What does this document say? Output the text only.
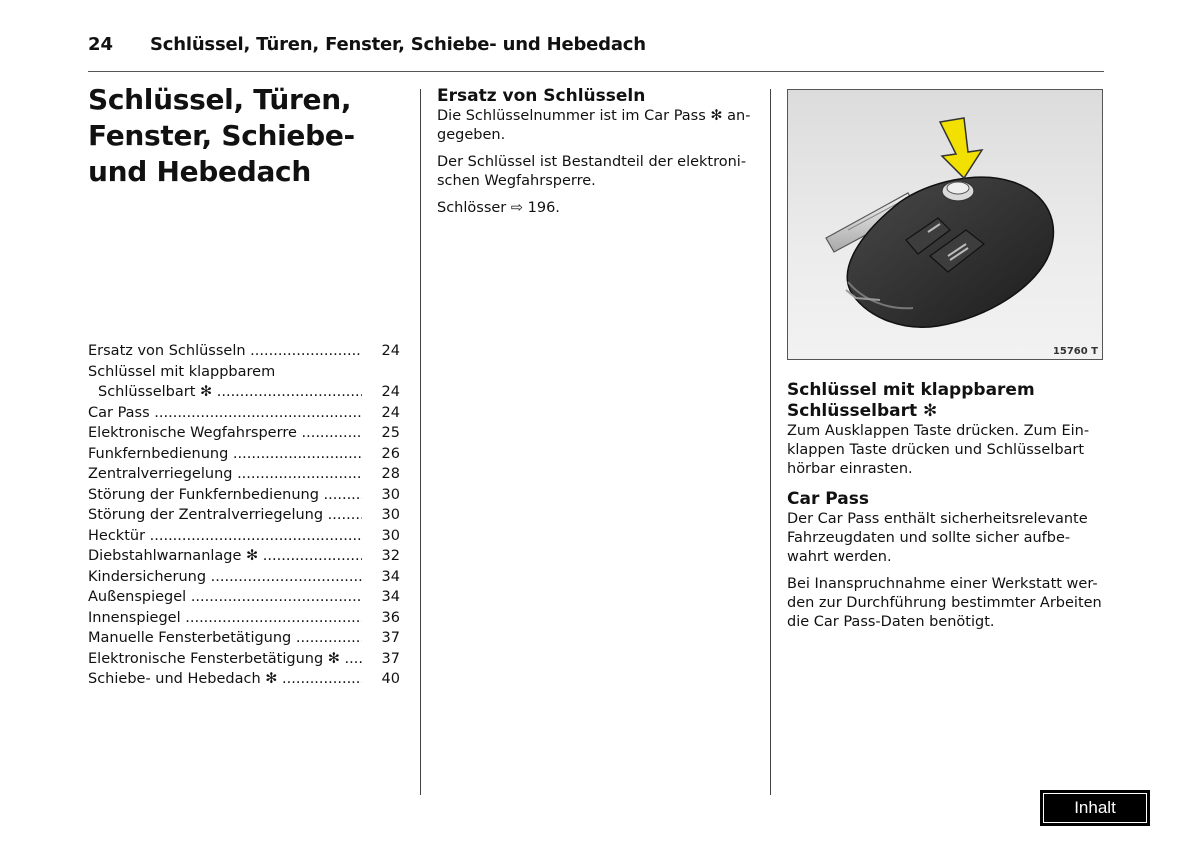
24 Schlüssel, Türen, Fenster, Schiebe- und Hebedach
Schlüssel, Türen, Fenster, Schiebe- und Hebedach
Ersatz von Schlüsseln .....	24
Schlüssel mit klappbarem
Schlüsselbart ✻ .....	24
Car Pass .....	24
Elektronische Wegfahrsperre .....	25
Funkfernbedienung .....	26
Zentralverriegelung .....	28
Störung der Funkfernbedienung .....	30
Störung der Zentralverriegelung .....	30
Hecktür .....	30
Diebstahlwarnanlage ✻ .....	32
Kindersicherung .....	34
Außenspiegel .....	34
Innenspiegel .....	36
Manuelle Fensterbetätigung .....	37
Elektronische Fensterbetätigung ✻ .....	37
Schiebe- und Hebedach ✻ .....	40
Ersatz von Schlüsseln

Die Schlüsselnummer ist im Car Pass ✻ an-gegeben.

Der Schlüssel ist Bestandteil der elektroni-schen Wegfahrsperre.

Schlösser ⇨ 196.

15760 T
Schlüssel mit klappbarem Schlüsselbart ✻

Zum Ausklappen Taste drücken. Zum Ein-klappen Taste drücken und Schlüsselbart hörbar einrasten.

Car Pass

Der Car Pass enthält sicherheitsrelevante Fahrzeugdaten und sollte sicher aufbe-wahrt werden.

Bei Inanspruchnahme einer Werkstatt wer-den zur Durchführung bestimmter Arbeiten die Car Pass-Daten benötigt.

Inhalt
